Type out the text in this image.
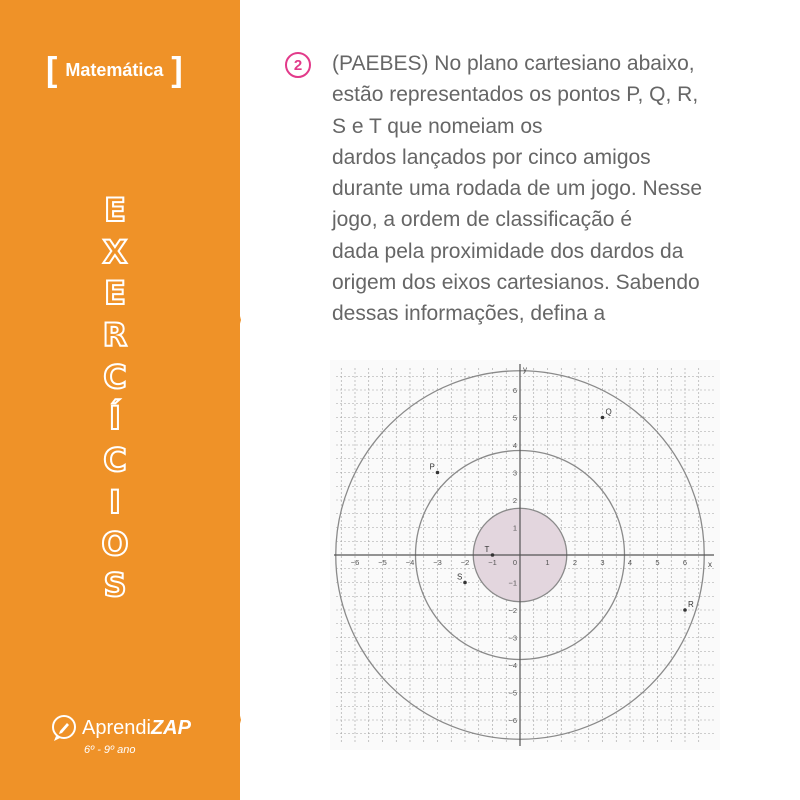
[ Matemática ]
E
X
E
R
C
Í
C
I
O
S
Aprendi ZAP
6º - 9º ano
2	(PAEBES) No plano cartesiano abaixo,
estão representados os pontos P, Q, R,
S e T que nomeiam os
dardos lançados por cinco amigos
durante uma rodada de um jogo. Nesse
jogo, a ordem de classificação é
dada pela proximidade dos dardos da
origem dos eixos cartesianos. Sabendo
dessas informações, defina a
x
y
−6	−5	−4	−3	−2	−1	1	2	3	4	5	6
6
5
4
3
2
1
−1
−2
−3
−4
−5
−6
0
P
Q
R
S
T
